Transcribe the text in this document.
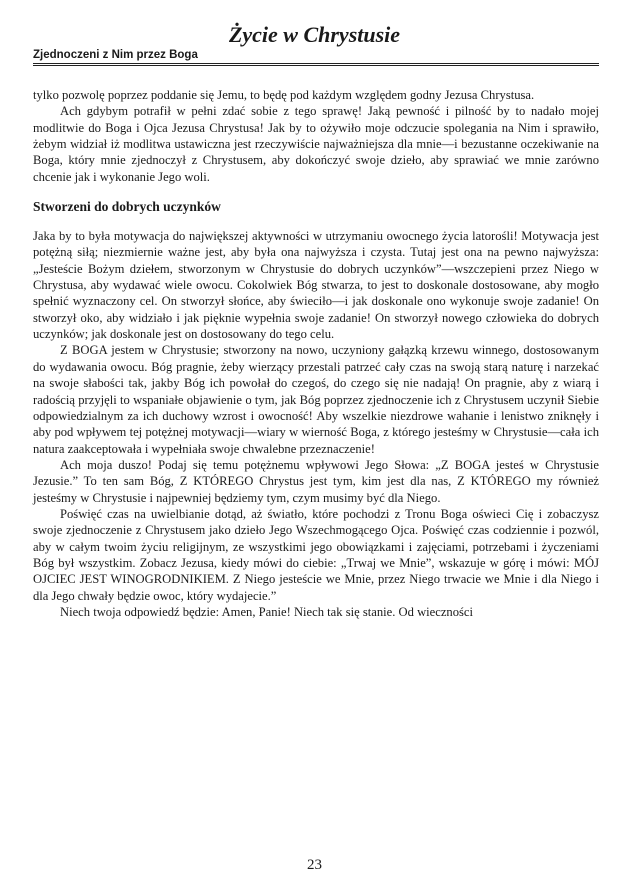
Życie w Chrystusie
Zjednoczeni z Nim przez Boga

tylko pozwolę poprzez poddanie się Jemu, to będę pod każdym względem godny Jezusa Chrystusa.

Ach gdybym potrafił w pełni zdać sobie z tego sprawę! Jaką pewność i pilność by to nadało mojej modlitwie do Boga i Ojca Jezusa Chrystusa! Jak by to ożywiło moje odczucie spolegania na Nim i sprawiło, żebym widział iż modlitwa ustawiczna jest rzeczywiście najważniejsza dla mnie—i bezustanne oczekiwanie na Boga, który mnie zjednoczył z Chrystusem, aby dokończyć swoje dzieło, aby sprawiać we mnie zarówno chcenie jak i wykonanie Jego woli.

Stworzeni do dobrych uczynków

Jaka by to była motywacja do największej aktywności w utrzymaniu owocnego życia latorośli! Motywacja jest potężną siłą; niezmiernie ważne jest, aby była ona najwyższa i czysta. Tutaj jest ona na pewno najwyższa: „Jesteście Bożym dziełem, stworzonym w Chrystusie do dobrych uczynków”—wszczepieni przez Niego w Chrystusa, aby wydawać wiele owocu. Cokolwiek Bóg stwarza, to jest to doskonale dostosowane, aby mogło spełnić wyznaczony cel. On stworzył słońce, aby świeciło—i jak doskonale ono wykonuje swoje zadanie! On stworzył oko, aby widziało i jak pięknie wypełnia swoje zadanie! On stworzył nowego człowieka do dobrych uczynków; jak doskonale jest on dostosowany do tego celu.

Z BOGA jestem w Chrystusie; stworzony na nowo, uczyniony gałązką krzewu winnego, dostosowanym do wydawania owocu. Bóg pragnie, żeby wierzący przestali patrzeć cały czas na swoją starą naturę i narzekać na swoje słabości tak, jakby Bóg ich powołał do czegoś, do czego się nie nadają! On pragnie, aby z wiarą i radością przyjęli to wspaniałe objawienie o tym, jak Bóg poprzez zjednoczenie ich z Chrystusem uczynił Siebie odpowiedzialnym za ich duchowy wzrost i owocność! Aby wszelkie niezdrowe wahanie i lenistwo zniknęły i aby pod wpływem tej potężnej motywacji—wiary w wierność Boga, z którego jesteśmy w Chrystusie—cała ich natura zaakceptowała i wypełniała swoje chwalebne przeznaczenie!

Ach moja duszo! Podaj się temu potężnemu wpływowi Jego Słowa: „Z BOGA jesteś w Chrystusie Jezusie.” To ten sam Bóg, Z KTÓREGO Chrystus jest tym, kim jest dla nas, Z KTÓREGO my również jesteśmy w Chrystusie i najpewniej będziemy tym, czym musimy być dla Niego.

Poświęć czas na uwielbianie dotąd, aż światło, które pochodzi z Tronu Boga oświeci Cię i zobaczysz swoje zjednoczenie z Chrystusem jako dzieło Jego Wszechmogącego Ojca. Poświęć czas codziennie i pozwól, aby w całym twoim życiu religijnym, ze wszystkimi jego obowiązkami i zajęciami, potrzebami i życzeniami Bóg był wszystkim. Zobacz Jezusa, kiedy mówi do ciebie: „Trwaj we Mnie”, wskazuje w górę i mówi: MÓJ OJCIEC JEST WINOGRODNIKIEM. Z Niego jesteście we Mnie, przez Niego trwacie we Mnie i dla Niego i dla Jego chwały będzie owoc, który wydajecie.”

Niech twoja odpowiedź będzie: Amen, Panie! Niech tak się stanie. Od wieczności

23
